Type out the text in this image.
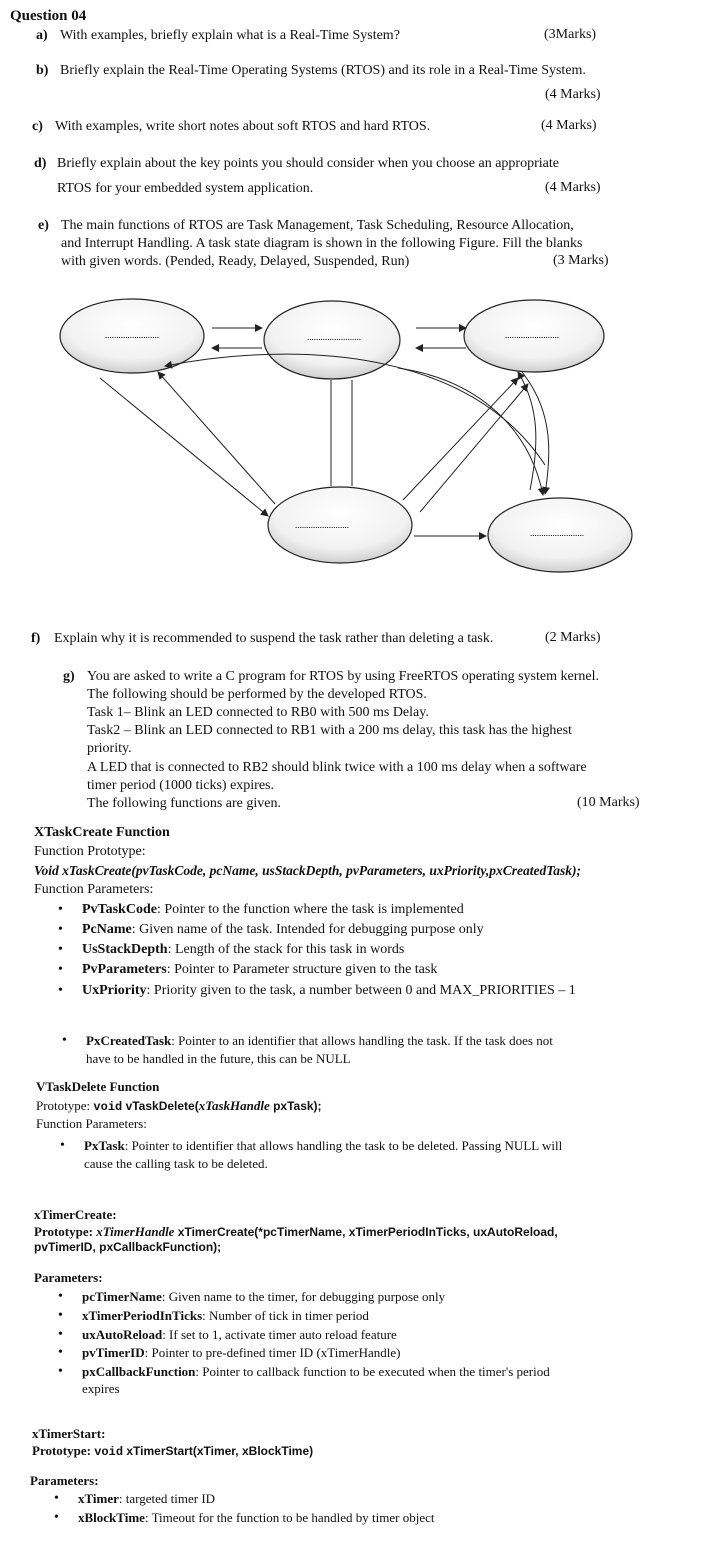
Question 04
a) With examples, briefly explain what is a Real-Time System?	(3Marks)
b) Briefly explain the Real-Time Operating Systems (RTOS) and its role in a Real-Time System.
(4 Marks)
c) With examples, write short notes about soft RTOS and hard RTOS.	(4 Marks)
d) Briefly explain about the key points you should consider when you choose an appropriate
RTOS for your embedded system application.	(4 Marks)
e) The main functions of RTOS are Task Management, Task Scheduling, Resource Allocation,
and Interrupt Handling. A task state diagram is shown in the following Figure. Fill the blanks
with given words. (Pended, Ready, Delayed, Suspended, Run)	(3 Marks)
........................	........................	........................
........................
........................
f) Explain why it is recommended to suspend the task rather than deleting a task.	(2 Marks)
g) You are asked to write a C program for RTOS by using FreeRTOS operating system kernel.
The following should be performed by the developed RTOS.
Task 1– Blink an LED connected to RB0 with 500 ms Delay.
Task2 – Blink an LED connected to RB1 with a 200 ms delay, this task has the highest
priority.
A LED that is connected to RB2 should blink twice with a 100 ms delay when a software
timer period (1000 ticks) expires.
The following functions are given.	(10 Marks)
XTaskCreate Function
Function Prototype:
Void xTaskCreate(pvTaskCode, pcName, usStackDepth, pvParameters, uxPriority,pxCreatedTask);
Function Parameters:
• PvTaskCode: Pointer to the function where the task is implemented
• PcName: Given name of the task. Intended for debugging purpose only
• UsStackDepth: Length of the stack for this task in words
• PvParameters: Pointer to Parameter structure given to the task
• UxPriority: Priority given to the task, a number between 0 and MAX_PRIORITIES – 1
• PxCreatedTask: Pointer to an identifier that allows handling the task. If the task does not
have to be handled in the future, this can be NULL
VTaskDelete Function
Prototype: void vTaskDelete(xTaskHandle pxTask);
Function Parameters:
• PxTask: Pointer to identifier that allows handling the task to be deleted. Passing NULL will
cause the calling task to be deleted.
xTimerCreate:
Prototype: xTimerHandle xTimerCreate(*pcTimerName, xTimerPeriodInTicks, uxAutoReload,
pvTimerID, pxCallbackFunction);
Parameters:
• pcTimerName: Given name to the timer, for debugging purpose only
• xTimerPeriodInTicks: Number of tick in timer period
• uxAutoReload: If set to 1, activate timer auto reload feature
• pvTimerID: Pointer to pre-defined timer ID (xTimerHandle)
• pxCallbackFunction: Pointer to callback function to be executed when the timer's period
expires
xTimerStart:
Prototype: void xTimerStart(xTimer, xBlockTime)
Parameters:
• xTimer: targeted timer ID
• xBlockTime: Timeout for the function to be handled by timer object
